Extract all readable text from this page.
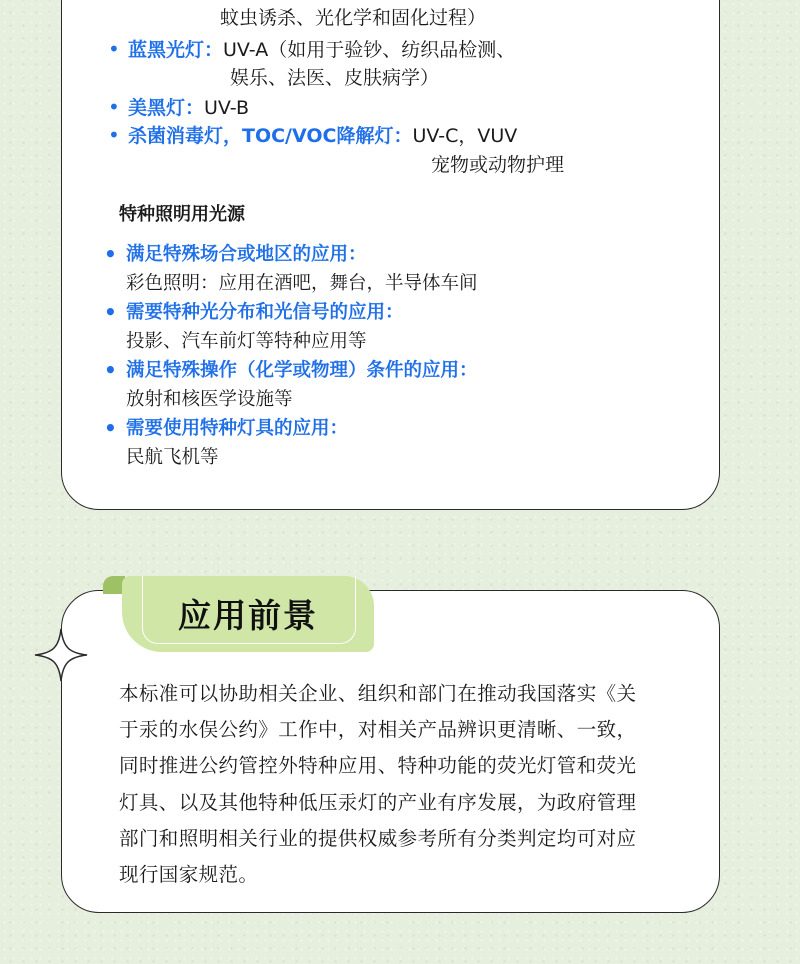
蚊虫诱杀、光化学和固化过程）
• 蓝黑光灯：UV-A（如用于验钞、纺织品检测、
娱乐、法医、皮肤病学）
• 美黑灯：UV-B
• 杀菌消毒灯，TOC/VOC降解灯：UV-C，VUV
宠物或动物护理
特种照明用光源
• 满足特殊场合或地区的应用：
彩色照明：应用在酒吧，舞台，半导体车间
• 需要特种光分布和光信号的应用：
投影、汽车前灯等特种应用等
• 满足特殊操作（化学或物理）条件的应用：
放射和核医学设施等
• 需要使用特种灯具的应用：
民航飞机等
本标准可以协助相关企业、组织和部门在推动我国落实《关
于汞的水俣公约》工作中，对相关产品辨识更清晰、一致，
同时推进公约管控外特种应用、特种功能的荧光灯管和荧光
灯具、以及其他特种低压汞灯的产业有序发展，为政府管理
部门和照明相关行业的提供权威参考所有分类判定均可对应
现行国家规范。
应用前景
